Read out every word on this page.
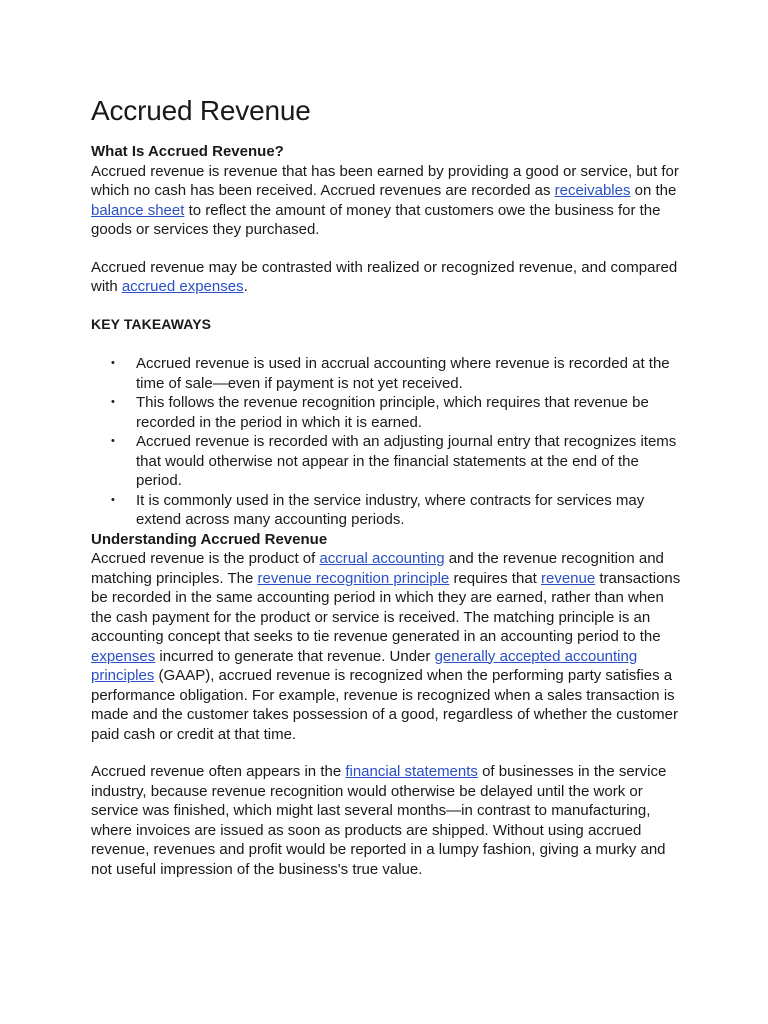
Accrued Revenue
What Is Accrued Revenue?

Accrued revenue is revenue that has been earned by providing a good or service, but for which no cash has been received. Accrued revenues are recorded as receivables on the balance sheet to reflect the amount of money that customers owe the business for the goods or services they purchased.

Accrued revenue may be contrasted with realized or recognized revenue, and compared with accrued expenses.

KEY TAKEAWAYS

• Accrued revenue is used in accrual accounting where revenue is recorded at the time of sale—even if payment is not yet received.
• This follows the revenue recognition principle, which requires that revenue be recorded in the period in which it is earned.
• Accrued revenue is recorded with an adjusting journal entry that recognizes items that would otherwise not appear in the financial statements at the end of the period.
• It is commonly used in the service industry, where contracts for services may extend across many accounting periods.
Understanding Accrued Revenue

Accrued revenue is the product of accrual accounting and the revenue recognition and matching principles. The revenue recognition principle requires that revenue transactions be recorded in the same accounting period in which they are earned, rather than when the cash payment for the product or service is received. The matching principle is an accounting concept that seeks to tie revenue generated in an accounting period to the expenses incurred to generate that revenue. Under generally accepted accounting principles (GAAP), accrued revenue is recognized when the performing party satisfies a performance obligation. For example, revenue is recognized when a sales transaction is made and the customer takes possession of a good, regardless of whether the customer paid cash or credit at that time.

Accrued revenue often appears in the financial statements of businesses in the service industry, because revenue recognition would otherwise be delayed until the work or service was finished, which might last several months—in contrast to manufacturing, where invoices are issued as soon as products are shipped. Without using accrued revenue, revenues and profit would be reported in a lumpy fashion, giving a murky and not useful impression of the business's true value.
